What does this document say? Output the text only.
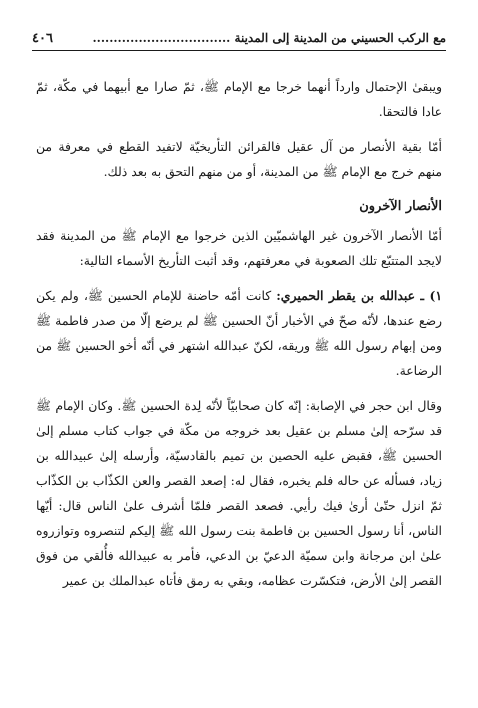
مع الركب الحسيني من المدينة إلى المدينة .................................
٤٠٦

ويبقىٰ الإحتمال وارداً أنهما خرجا مع الإمام ﷺ، ثمّ صارا مع أبيهما في مكّة، ثمّ عادا فالتحقا.

أمّا بقية الأنصار من آل عقيل فالقرائن التأريخيّة لاتفيد القطع في معرفة من منهم خرج مع الإمام ﷺ من المدينة، أو من منهم التحق به بعد ذلك.

الأنصار الآخرون

أمّا الأنصار الآخرون غير الهاشميّين الذين خرجوا مع الإمام ﷺ من المدينة فقد لايجد المتتبّع تلك الصعوبة في معرفتهم، وقد أثبت التأريخ الأسماء التالية:

١) ـ عبدالله بن يقطر الحميري: كانت أمّه حاضنة للإمام الحسين ﷺ، ولم يكن رضع عندها، لأنّه صحّ في الأخبار أنّ الحسين ﷺ لم يرضع إلّا من صدر فاطمة ﷺ ومن إبهام رسول الله ﷺ وريقه، لكنّ عبدالله اشتهر في أنّه أخو الحسين ﷺ من الرضاعة.

وقال ابن حجر في الإصابة: إنّه كان صحابيّاً لأنّه لِدة الحسين ﷺ. وكان الإمام ﷺ قد سرّحه إلىٰ مسلم بن عقيل بعد خروجه من مكّة في جواب كتاب مسلم إلىٰ الحسين ﷺ، فقبض عليه الحصين بن تميم بالقادسيّة، وأرسله إلىٰ عبيدالله بن زياد، فسأله عن حاله فلم يخبره، فقال له: إصعد القصر والعن الكذّاب بن الكذّاب ثمّ انزل حتّىٰ أرىٰ فيك رأيي. فصعد القصر فلمّا أشرف علىٰ الناس قال: أيّها الناس، أنا رسول الحسين بن فاطمة بنت رسول الله ﷺ إليكم لتنصروه وتوازروه علىٰ ابن مرجانة وابن سميّة الدعيّ بن الدعي، فأمر به عبيدالله فأُلقي من فوق القصر إلىٰ الأرض، فتكسّرت عظامه، وبقي به رمق فأتاه عبدالملك بن عمير
